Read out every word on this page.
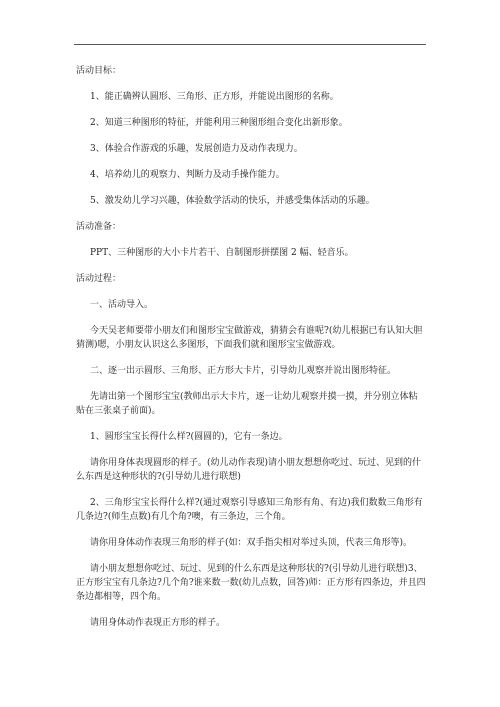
活动目标：

1、能正确辨认圆形、三角形、正方形，并能说出图形的名称。

2、知道三种图形的特征，并能利用三种图形组合变化出新形象。

3、体验合作游戏的乐趣，发展创造力及动作表现力。

4、培养幼儿的观察力、判断力及动手操作能力。

5、激发幼儿学习兴趣，体验数学活动的快乐，并感受集体活动的乐趣。

活动准备：

PPT、三种图形的大小卡片若干、自制图形拼摆图 2 幅、轻音乐。

活动过程：

一、活动导入。

今天吴老师要带小朋友们和图形宝宝做游戏，猜猜会有谁呢?(幼儿根据已有认知大胆猜测)嗯，小朋友认识这么多图形，下面我们就和图形宝宝做游戏。

二、逐一出示圆形、三角形、正方形大卡片，引导幼儿观察并说出图形特征。

先请出第一个图形宝宝(教师出示大卡片，逐一让幼儿观察并摸一摸，并分别立体粘贴在三张桌子前面)。

1、圆形宝宝长得什么样?(圆圆的)，它有一条边。

请你用身体表现圆形的样子。(幼儿动作表现)请小朋友想想你吃过、玩过、见到的什么东西是这种形状的?(引导幼儿进行联想)

2、三角形宝宝长得什么样?(通过观察引导感知三角形有角、有边)我们数数三角形有几条边?(师生点数)有几个角?噢，有三条边，三个角。

请你用身体动作表现三角形的样子(如：双手指尖相对举过头顶，代表三角形等)。

请小朋友想想你吃过、玩过、见到的什么东西是这种形状的?(引导幼儿进行联想)3、正方形宝宝有几条边?几个角?谁来数一数(幼儿点数，回答)师：正方形有四条边，并且四条边都相等，四个角。

请用身体动作表现正方形的样子。
